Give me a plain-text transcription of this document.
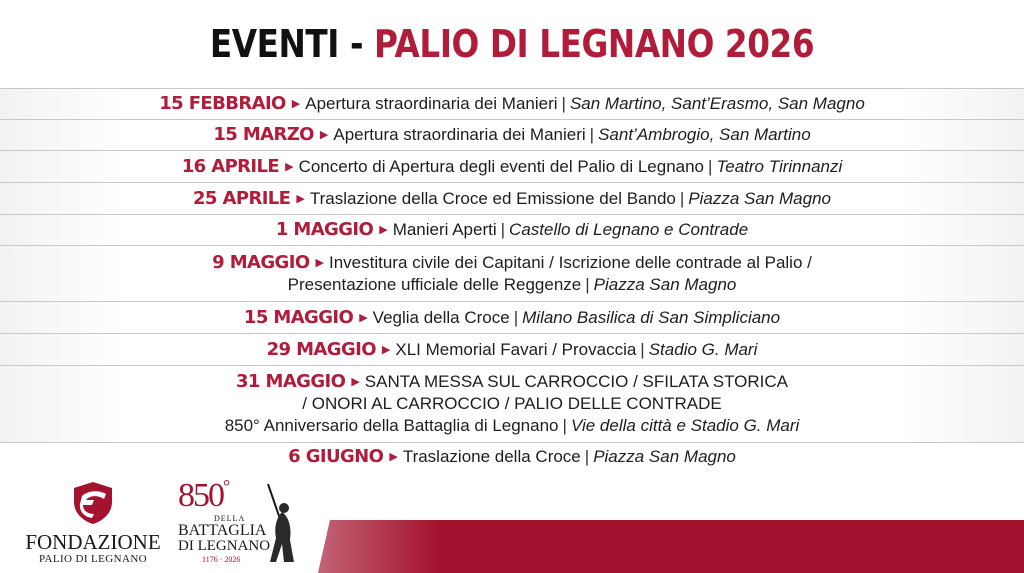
EVENTI - PALIO DI LEGNANO 2026
15 FEBBRAIO ▶ Apertura straordinaria dei Manieri | San Martino, Sant’Erasmo, San Magno
15 MARZO ▶ Apertura straordinaria dei Manieri | Sant’Ambrogio, San Martino
16 APRILE ▶ Concerto di Apertura degli eventi del Palio di Legnano | Teatro Tirinnanzi
25 APRILE ▶ Traslazione della Croce ed Emissione del Bando | Piazza San Magno
1 MAGGIO ▶ Manieri Aperti | Castello di Legnano e Contrade
9 MAGGIO ▶ Investitura civile dei Capitani / Iscrizione delle contrade al Palio /
Presentazione ufficiale delle Reggenze | Piazza San Magno
15 MAGGIO ▶ Veglia della Croce | Milano Basilica di San Simpliciano
29 MAGGIO ▶ XLI Memorial Favari / Provaccia | Stadio G. Mari
31 MAGGIO ▶ SANTA MESSA SUL CARROCCIO / SFILATA STORICA
/ ONORI AL CARROCCIO / PALIO DELLE CONTRADE
850° Anniversario della Battaglia di Legnano | Vie della città e Stadio G. Mari
6 GIUGNO ▶ Traslazione della Croce | Piazza San Magno
FONDAZIONE
PALIO DI LEGNANO
850°
DELLA
BATTAGLIA
DI LEGNANO
1176 · 2026
